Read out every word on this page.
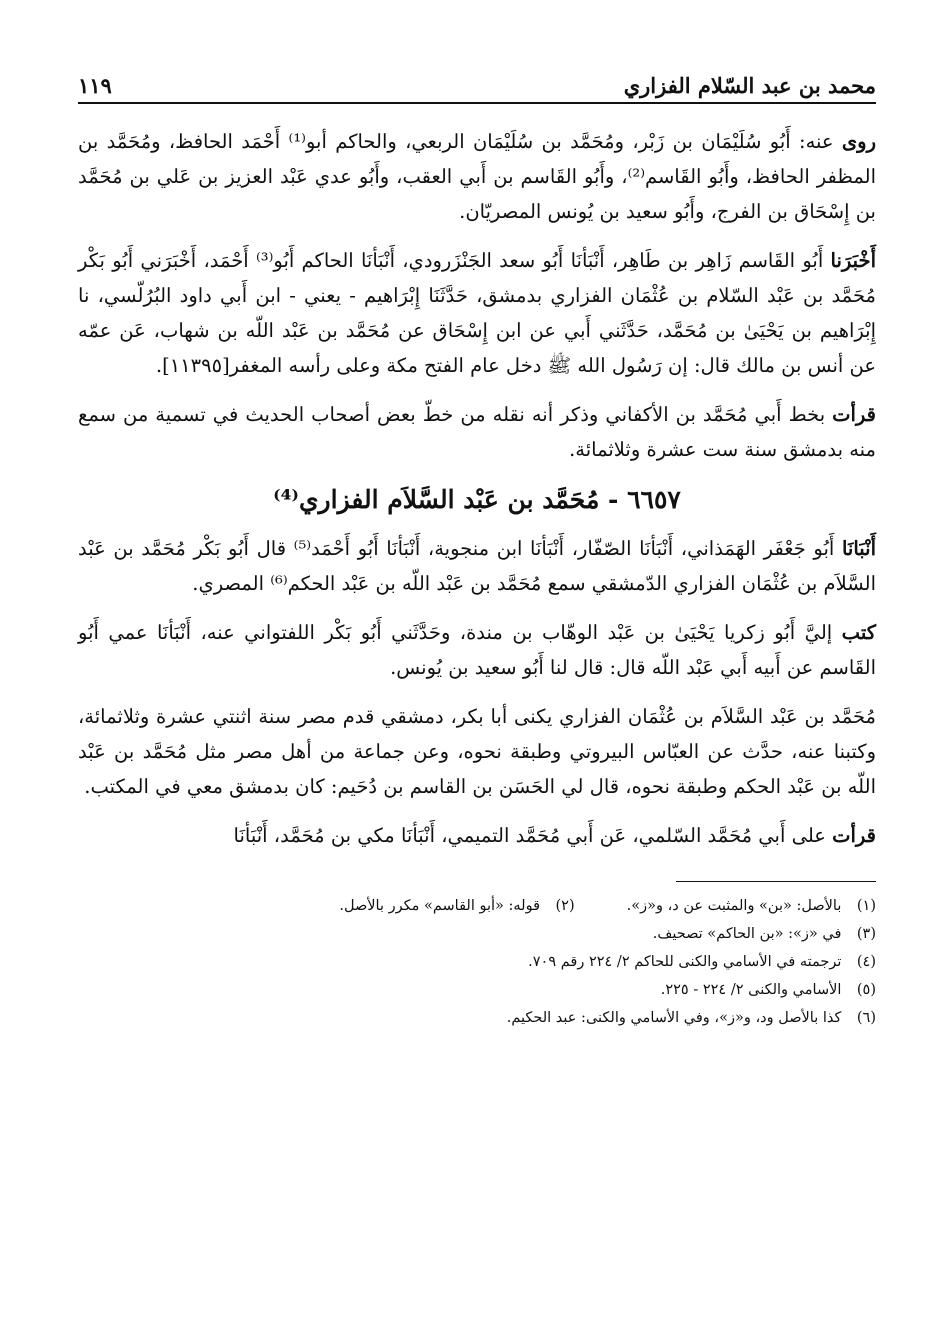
محمد بن عبد السّلام الفزاري
١١٩

روى عنه: أَبُو سُلَيْمَان بن زَبْر، ومُحَمَّد بن سُلَيْمَان الربعي، والحاكم أبو⁽¹⁾ أَحْمَد الحافظ، ومُحَمَّد بن المظفر الحافظ، وأَبُو القَاسم⁽²⁾، وأَبُو القَاسم بن أَبي العقب، وأَبُو عدي عَبْد العزيز بن عَلي بن مُحَمَّد بن إِسْحَاق بن الفرج، وأَبُو سعيد بن يُونس المصريّان.

أَخْبَرَنا أَبُو القَاسم زَاهِر بن طَاهِر، أَنْبَأنَا أَبُو سعد الجَنْزَرودي، أَنْبَأنَا الحاكم أَبُو⁽³⁾ أَحْمَد، أَخْبَرَني أَبُو بَكْر مُحَمَّد بن عَبْد السّلام بن عُثْمَان الفزاري بدمشق، حَدَّثَنَا إِبْرَاهيم - يعني - ابن أَبي داود البُرُلّسي، نا إِبْرَاهيم بن يَحْيَىٰ بن مُحَمَّد، حَدَّثَني أَبي عن ابن إِسْحَاق عن مُحَمَّد بن عَبْد اللّه بن شهاب، عَن عمّه عن أنس بن مالك قال: إن رَسُول الله ﷺ دخل عام الفتح مكة وعلى رأسه المغفر[١١٣٩٥].

قرأت بخط أَبي مُحَمَّد بن الأكفاني وذكر أنه نقله من خطّ بعض أصحاب الحديث في تسمية من سمع منه بدمشق سنة ست عشرة وثلاثمائة.

٦٦٥٧ - مُحَمَّد بن عَبْد السَّلاَم الفزاري⁽⁴⁾

أَنْبَانَا أَبُو جَعْفَر الهَمَذاني، أَنْبَأنَا الصّفّار، أَنْبَأنَا ابن منجوية، أَنْبَأنَا أَبُو أَحْمَد⁽⁵⁾ قال أَبُو بَكْر مُحَمَّد بن عَبْد السَّلاَم بن عُثْمَان الفزاري الدّمشقي سمع مُحَمَّد بن عَبْد اللّه بن عَبْد الحكم⁽⁶⁾ المصري.

كتب إليَّ أَبُو زكريا يَحْيَىٰ بن عَبْد الوهّاب بن مندة، وحَدَّثَني أَبُو بَكْر اللفتواني عنه، أَنْبَأنَا عمي أَبُو القَاسم عن أَبيه أَبي عَبْد اللّه قال: قال لنا أَبُو سعيد بن يُونس.

مُحَمَّد بن عَبْد السَّلاَم بن عُثْمَان الفزاري يكنى أبا بكر، دمشقي قدم مصر سنة اثنتي عشرة وثلاثمائة، وكتبنا عنه، حدَّث عن العبّاس البيروتي وطبقة نحوه، وعن جماعة من أهل مصر مثل مُحَمَّد بن عَبْد اللّه بن عَبْد الحكم وطبقة نحوه، قال لي الحَسَن بن القاسم بن دُحَيم: كان بدمشق معي في المكتب.

قرأت على أَبي مُحَمَّد السّلمي، عَن أَبي مُحَمَّد التميمي، أَنْبَأنَا مكي بن مُحَمَّد، أَنْبَأنَا

(١) بالأصل: «بن» والمثبت عن د، و«ز».
(٢) قوله: «أبو القاسم» مكرر بالأصل.
(٣) في «ز»: «بن الحاكم» تصحيف.
(٤) ترجمته في الأسامي والكنى للحاكم ٢/ ٢٢٤ رقم ٧٠٩.
(٥) الأسامي والكنى ٢/ ٢٢٤ - ٢٢٥.
(٦) كذا بالأصل ود، و«ز»، وفي الأسامي والكنى: عبد الحكيم.
